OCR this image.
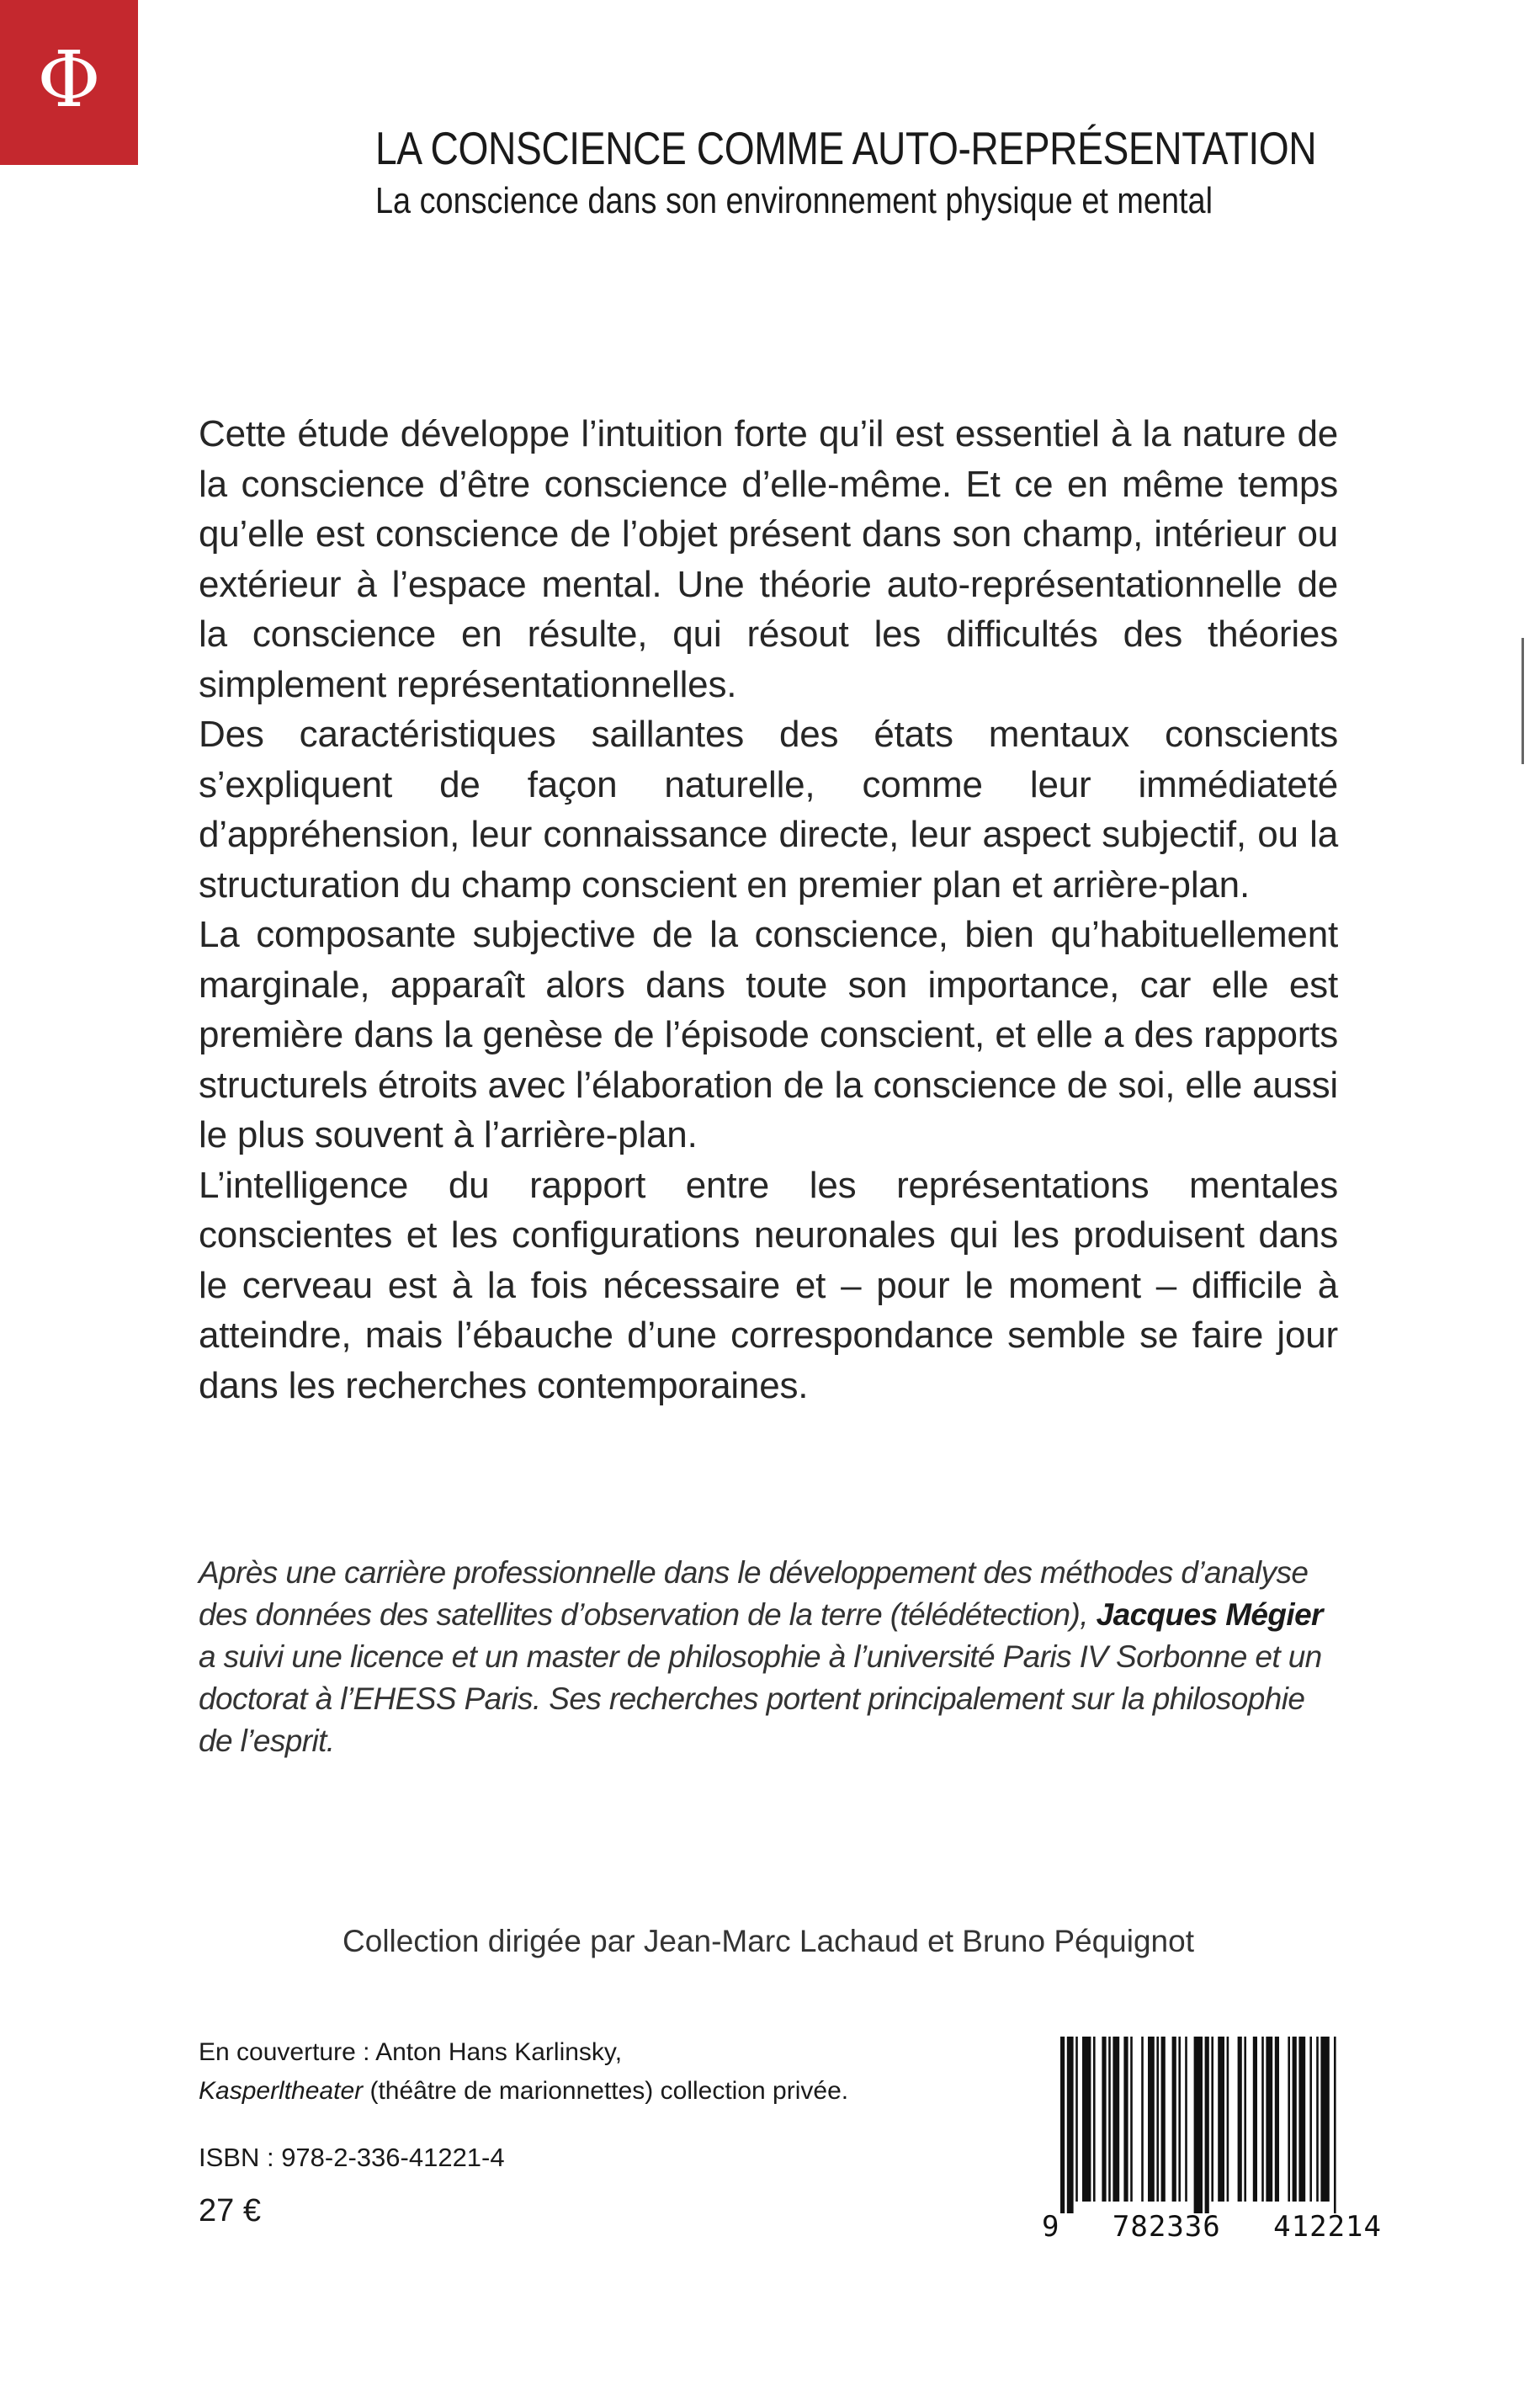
Φ
LA CONSCIENCE COMME AUTO-REPRÉSENTATION
La conscience dans son environnement physique et mental

Cette étude développe l’intuition forte qu’il est essentiel à la nature de la conscience d’être conscience d’elle-même. Et ce en même temps qu’elle est conscience de l’objet présent dans son champ, intérieur ou extérieur à l’espace mental. Une théorie auto-représentationnelle de la conscience en résulte, qui résout les difficultés des théories simplement représentationnelles.

Des caractéristiques saillantes des états mentaux conscients s’expliquent de façon naturelle, comme leur immédiateté d’appréhension, leur connaissance directe, leur aspect subjectif, ou la structuration du champ conscient en premier plan et arrière-plan.

La composante subjective de la conscience, bien qu’habituellement marginale, apparaît alors dans toute son importance, car elle est première dans la genèse de l’épisode conscient, et elle a des rapports structurels étroits avec l’élaboration de la conscience de soi, elle aussi le plus souvent à l’arrière-plan.

L’intelligence du rapport entre les représentations mentales conscientes et les configurations neuronales qui les produisent dans le cerveau est à la fois nécessaire et – pour le moment – difficile à atteindre, mais l’ébauche d’une correspondance semble se faire jour dans les recherches contemporaines.

Après une carrière professionnelle dans le développement des méthodes d’analyse des données des satellites d’observation de la terre (télédétection), Jacques Mégier a suivi une licence et un master de philosophie à l’université Paris IV Sorbonne et un doctorat à l’EHESS Paris. Ses recherches portent principalement sur la philosophie de l’esprit.

Collection dirigée par Jean-Marc Lachaud et Bruno Péquignot
En couverture : Anton Hans Karlinsky,
Kasperltheater (théâtre de marionnettes) collection privée.
ISBN : 978-2-336-41221-4
27 €	9 782336 412214
